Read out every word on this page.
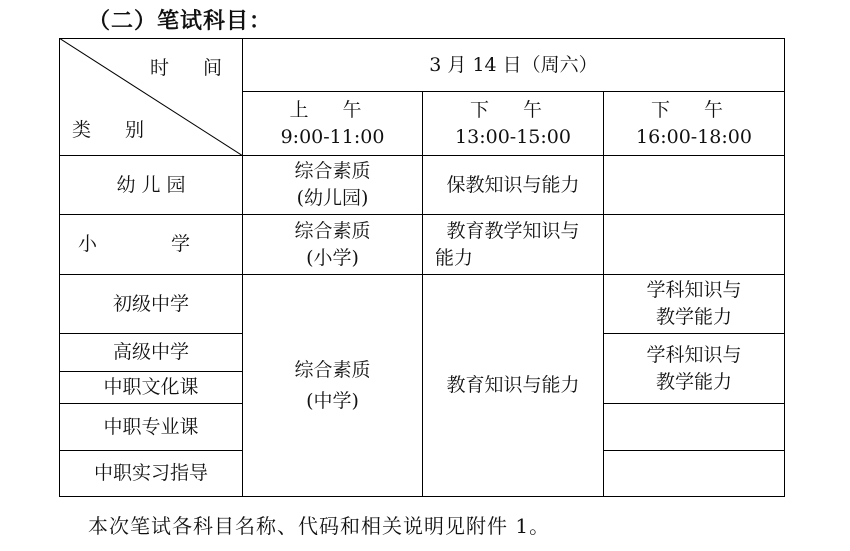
（二）笔试科目：
时 间
类 别
3 月 14 日（周六）
上 午
9:00-11:00
下 午
13:00-15:00
下 午
16:00-18:00
幼 儿 园
综合素质
(幼儿园)
保教知识与能力
小 学
综合素质
(小学)
教育教学知识与
能力
初级中学
高级中学
中职文化课
中职专业课
中职实习指导
综合素质
(中学)
教育知识与能力
学科知识与
教学能力
学科知识与
教学能力
本次笔试各科目名称、代码和相关说明见附件 1。
